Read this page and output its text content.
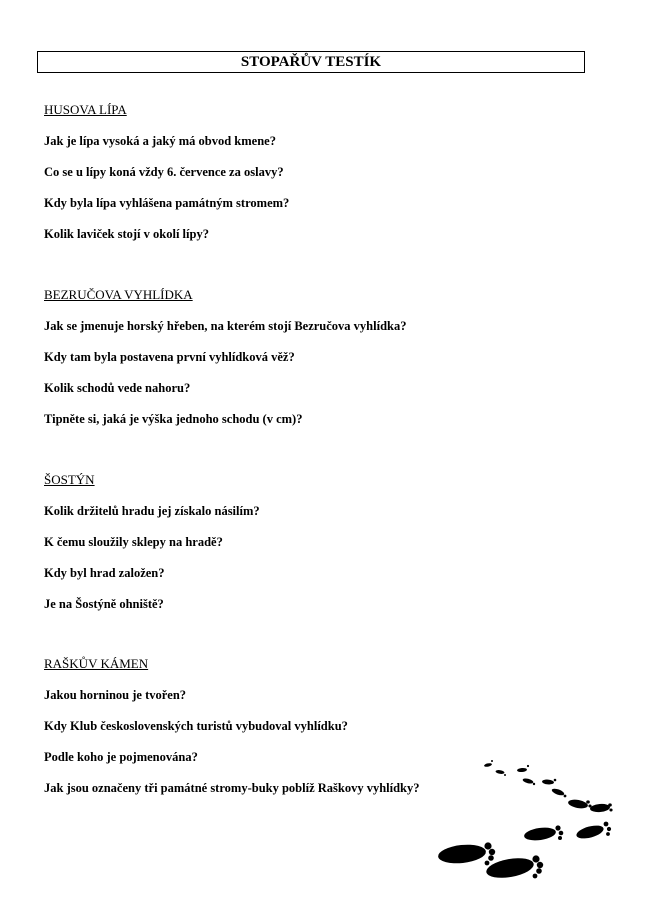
STOPAŘŮV TESTÍK

HUSOVA LÍPA

Jak je lípa vysoká a jaký má obvod kmene?

Co se u lípy koná vždy 6. července za oslavy?

Kdy byla lípa vyhlášena památným stromem?

Kolik laviček stojí v okolí lípy?

BEZRUČOVA VYHLÍDKA

Jak se jmenuje horský hřeben, na kterém stojí Bezručova vyhlídka?

Kdy tam byla postavena první vyhlídková věž?

Kolik schodů vede nahoru?

Tipněte si, jaká je výška jednoho schodu (v cm)?

ŠOSTÝN

Kolik držitelů hradu jej získalo násilím?

K čemu sloužily sklepy na hradě?

Kdy byl hrad založen?

Je na Šostýně ohniště?

RAŠKŮV KÁMEN

Jakou horninou je tvořen?

Kdy Klub československých turistů vybudoval vyhlídku?

Podle koho je pojmenována?

Jak jsou označeny tři památné stromy-buky poblíž Raškovy vyhlídky?
